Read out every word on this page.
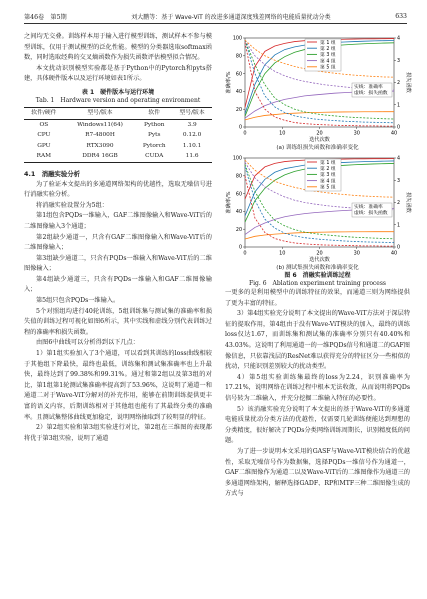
第46卷　第5期	刘大鹏等：基于 Wave-ViT 的改进多通道深度残差网络的电能质量扰动分类	633

之间均无交叠。训练样本用于输入进行模型训练，测试样本不参与模型训练，仅用于测试模型的泛化性能。模型的分类器选取softmax函数，同时选取经典的交叉熵函数作为损失函数评估模型拟合情况。

本文扰动识别模型实验都是基于Python中的Pytorch和pyts搭建，具体硬件版本以及运行环境如表1所示。

表 1　硬件版本与运行环境
Tab. 1　Hardware version and operating environment
软件/硬件	型号/版本	软件	型号/版本
OS	Windows11(64)	Python	3.9
CPU	R7-4800H	Pyts	0.12.0
GPU	RTX3090	Pytorch	1.10.1
RAM	DDR4 16GB	CUDA	11.6
4.1　消融实验分析

为了验证本文提出的多通道网络架构的优越性，选取无噪信号进行消融实验分析。

将消融实验设置分为5组：

第1组包含PQDs一维输入，GAF二维图像输入和Wave-ViT后的二维图像输入3个通道；

第2组缺少通道一，只含有GAF二维图像输入和Wave-ViT后的二维图像输入；

第3组缺少通道二，只含有PQDs一维输入和Wave-ViT后的二维图像输入；

第4组缺少通道三，只含有PQDs一维输入和GAF二维图像输入；

第5组只包含PQDs一维输入。

5个对照组均进行40轮训练，5组训练集与测试集的准确率和损失值的训练过程可视化如图6所示，其中实线和虚线分别代表训练过程的准确率和损失函数。

由图6中曲线可以分析得到以下几点：

1）第1组实验加入了3个通道，可以看到其训练的loss曲线相较于其他组下降最快，最终也最低，训练集和测试集准确率也上升最快，最终达到了99.38%和99.31%。通过和第2组以及第3组的对比，第1组第1轮测试集准确率提高到了53.96%，这说明了通道一和通道二对于Wave-ViT分解对的补充作用，能够在前期训练提供更丰富的语义内容，后期训练相对于其他组也能有了其最终分类的准确率。且测试集整体曲线更加稳定，说明网络抽取到了较明显的特征。

2）第2组实验和第3组实验进行对比，第2组在三维图的表现都将优于第3组实验，说明了通道

0	10	20	30	40
0
20
40
60
80
100
0
1
2
3
4
迭代次数
准确率/%	损失函数
第 1 组
第 2 组
第 3 组
第 4 组
第 5 组
实线：准确率
虚线：损失函数
(a) 训练组损失函数和准确率变化
0	10	20	30	40
0
20
40
60
80
100
0
1
2
3
4
迭代次数
准确率/%	损失函数
第 1 组
第 2 组
第 3 组
第 4 组
第 5 组
实线：准确率
虚线：损失函数
(b) 测试集损失函数和准确率变化
图 6　消融实验训练过程
Fig. 6　Ablation experiment training process

一更多的是利用模型中的训练特征的效果，而通道三则为网络提供了更为丰富的特征。

3）第4组实验充分说明了本文提出的Wave-ViT方法对于深层特征的提取作用，第4组由于没有Wave-ViT模块的加入，最终的训练loss仅达1.67，而训练集和测试集的准确率分别只有40.40%和43.03%。这说明了利用通道一的一维PQDs信号和通道二的GAF图像信息，只依靠浅层的ResNet难以获得充分的特征区分一些相似的扰动，只能识别差别较大的扰动类型。

4）第5组实验训练集最终的loss为2.24，识别准确率为17.21%，说明网络在训练过程中根本无法收敛，从而说明将PQDs信号转为二维输入，并充分挖掘二维输入特征的必要性。

5）该消融实验充分说明了本文提出的基于Wave-ViT的多通道电能质量扰动分类方法的优越性，仅需要几轮训练便能达到理想的分类精度，很好解决了PQDs分类网络训练周期长，识别精度低的问题。

为了进一步说明本文采用的GASF与Wave-ViT模块结合的优越性，采取无噪信号作为数据集，选择PQDs一维信号作为通道一，GAF二维图像作为通道二以及Wave-ViT后的二维图像作为通道三的多通道网络架构，解释选择GADF、RP和MTF三种二维图像生成的方式与
